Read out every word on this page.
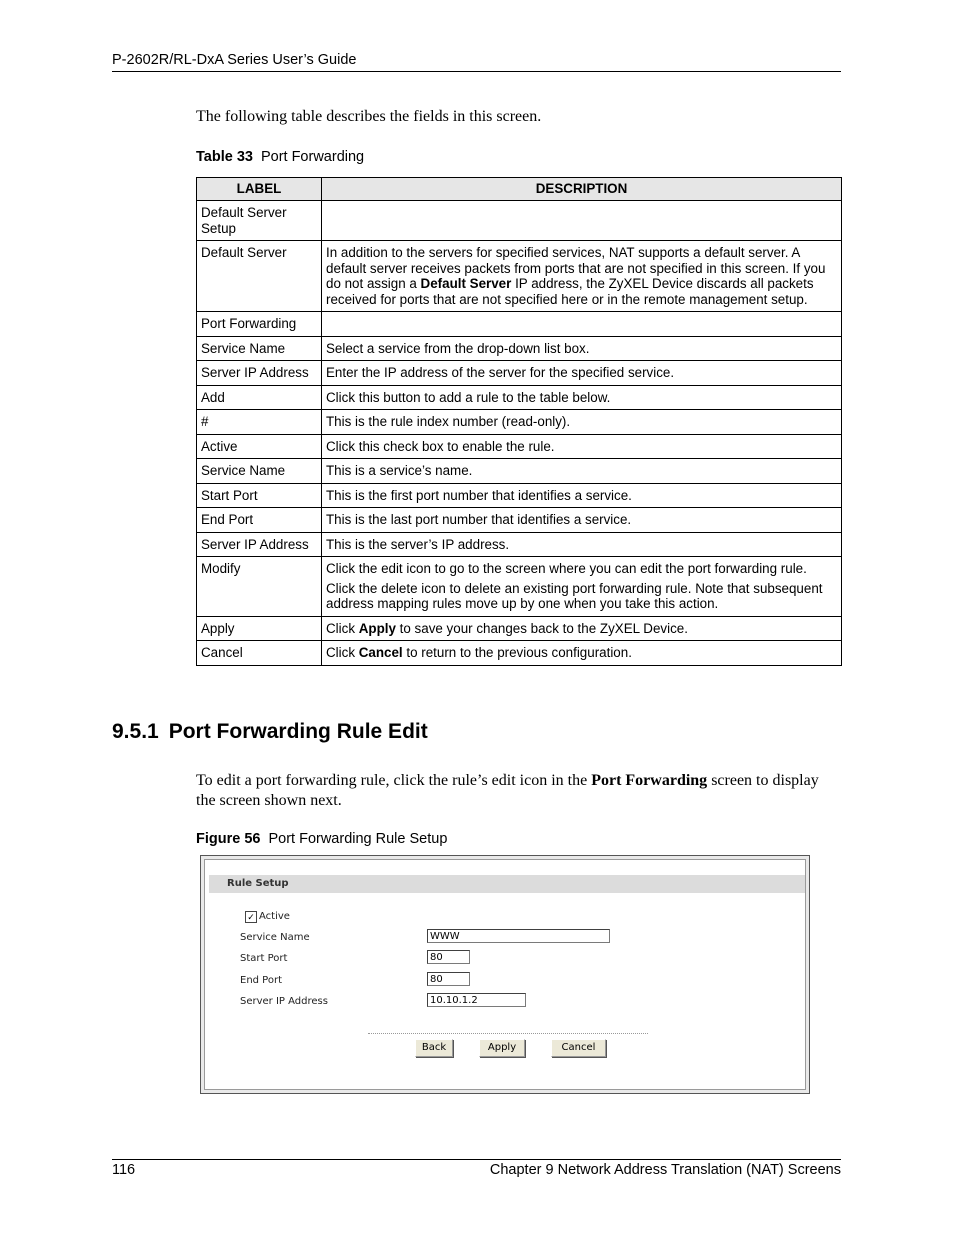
P-2602R/RL-DxA Series User’s Guide
The following table describes the fields in this screen.
Table 33 Port Forwarding
LABEL	DESCRIPTION
Default Server Setup	
Default Server	In addition to the servers for specified services, NAT supports a default server. A default server receives packets from ports that are not specified in this screen. If you do not assign a Default Server IP address, the ZyXEL Device discards all packets received for ports that are not specified here or in the remote management setup.

Port Forwarding	
Service Name	Select a service from the drop-down list box.

Server IP Address	Enter the IP address of the server for the specified service.

Add	Click this button to add a rule to the table below.

#	This is the rule index number (read-only).

Active	Click this check box to enable the rule.

Service Name	This is a service’s name.

Start Port	This is the first port number that identifies a service.

End Port	This is the last port number that identifies a service.

Server IP Address	This is the server’s IP address.

Modify	Click the edit icon to go to the screen where you can edit the port forwarding rule.

Click the delete icon to delete an existing port forwarding rule. Note that subsequent address mapping rules move up by one when you take this action.

Apply	Click Apply to save your changes back to the ZyXEL Device.

Cancel	Click Cancel to return to the previous configuration.

9.5.1 Port Forwarding Rule Edit
To edit a port forwarding rule, click the rule’s edit icon in the Port Forwarding screen to display the screen shown next.
Figure 56 Port Forwarding Rule Setup
Rule Setup
✓ Active
Service Name	WWW
Start Port	80
End Port	80
Server IP Address	10.10.1.2
Back	Apply	Cancel
116	Chapter 9 Network Address Translation (NAT) Screens
